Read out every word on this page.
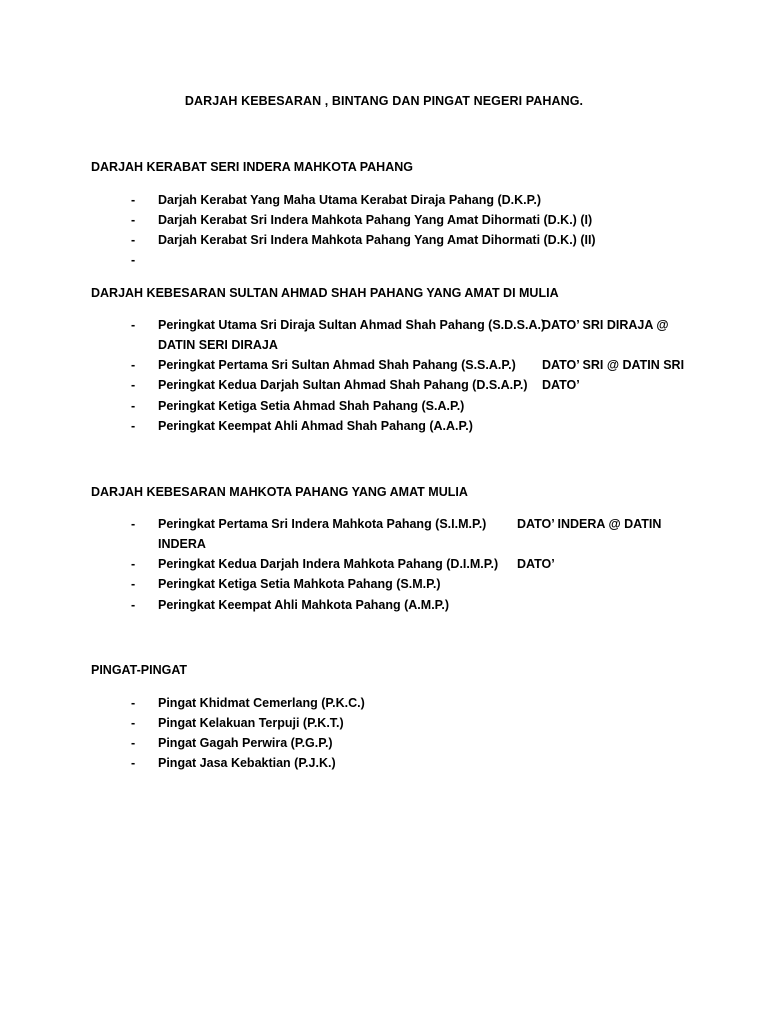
DARJAH KEBESARAN , BINTANG DAN PINGAT NEGERI PAHANG.
DARJAH KERABAT SERI INDERA MAHKOTA PAHANG
- Darjah Kerabat Yang Maha Utama Kerabat Diraja Pahang (D.K.P.)
- Darjah Kerabat Sri Indera Mahkota Pahang Yang Amat Dihormati (D.K.) (I)
- Darjah Kerabat Sri Indera Mahkota Pahang Yang Amat Dihormati (D.K.) (II)
-
DARJAH KEBESARAN SULTAN AHMAD SHAH PAHANG YANG AMAT DI MULIA
- Peringkat Utama Sri Diraja Sultan Ahmad Shah Pahang (S.D.S.A.)
DATO’ SRI DIRAJA @
DATIN SERI DIRAJA
- Peringkat Pertama Sri Sultan Ahmad Shah Pahang (S.S.A.P.) DATO’ SRI @ DATIN SRI
- Peringkat Kedua Darjah Sultan Ahmad Shah Pahang (D.S.A.P.) DATO’
- Peringkat Ketiga Setia Ahmad Shah Pahang (S.A.P.)
- Peringkat Keempat Ahli Ahmad Shah Pahang (A.A.P.)
DARJAH KEBESARAN MAHKOTA PAHANG YANG AMAT MULIA
- Peringkat Pertama Sri Indera Mahkota Pahang (S.I.M.P.) DATO’ INDERA @ DATIN
INDERA
- Peringkat Kedua Darjah Indera Mahkota Pahang (D.I.M.P.) DATO’
- Peringkat Ketiga Setia Mahkota Pahang (S.M.P.)
- Peringkat Keempat Ahli Mahkota Pahang (A.M.P.)
PINGAT-PINGAT
- Pingat Khidmat Cemerlang (P.K.C.)
- Pingat Kelakuan Terpuji (P.K.T.)
- Pingat Gagah Perwira (P.G.P.)
- Pingat Jasa Kebaktian (P.J.K.)
